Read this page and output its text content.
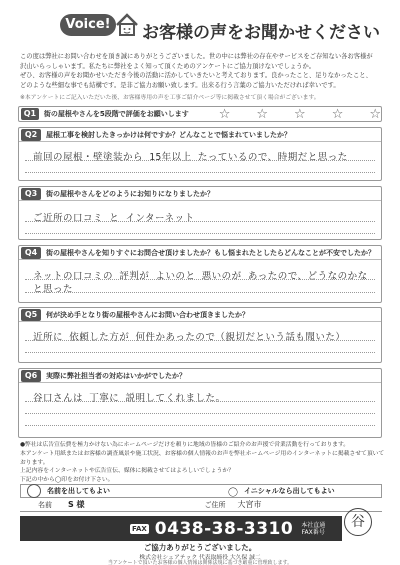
Voice!	お客様の声をお聞かせください

この度は弊社にお問い合わせを頂き誠にありがとうございました。世の中には弊社の存在やサービスをご存知ない各お客様が

沢山いらっしゃいます。私たちに弊社をよく知って頂くためのアンケートにご協力頂けないでしょうか。

ぜひ、お客様の声をお聞かせいただき今後の活動に活かしていきたいと考えております。良かったこと、足りなかったこと、

どのような些細な事でも結構です。是非ご協力お願い致します。出来る行う言葉のご協力いただければ幸いです。

※本アンケートにご記入いただいた後、お客様専用の声を工事ご紹介ページ等に掲載させて頂く場合がございます。
Q1	街の屋根やさんを5段階で評価をお願いします ☆ ☆ ☆ ☆ ☆
Q2	屋根工事を検討したきっかけは何ですか？どんなことで悩まれていましたか？
前回の屋根・壁塗装から 15年以上 たっているので、時期だと思った
Q3	街の屋根やさんをどのようにお知りになりましたか？
ご近所の口コミ と インターネット
Q4	街の屋根やさんを知りすぐにお問合せ頂けましたか？もし悩まれたとしたらどんなことが不安でしたか？
ネットの口コミの 評判が よいのと 悪いのが あったので、どうなのかな
と思った
Q5	何が決め手となり街の屋根やさんにお問い合わせ頂きましたか？
近所に 依頼した方が 何件かあったので（親切だという話も聞いた）
Q6	実際に弊社担当者の対応はいかがでしたか？
谷口さんは 丁寧に 説明してくれました。

●弊社は広告宣伝費を極力かけない為にホームページだけを頼りに地域の皆様のご紹介のお声援で営業活動を行っております。

本アンケート用紙またはお客様の調査風景や施工状況、お客様の個人情報のお声を弊社ホームページ用のインターネットに掲載させて頂いております。

上記内容をインターネットや広告宣伝、媒体に掲載させてはよろしいでしょうか？

下記の中から◯印をお付け下さい。

名前を出してもよい	〇 イニシャルなら出してもよい
名前 S 様	ご住所 大宮市
FAX 0438-38-3310 本社直通
FAX番号
谷
ご協力ありがとうございました。
株式会社シェアテック 代表取締役 大久保 誠二
当アンケートで頂いたお客様の個人情報は関係法規に基づき厳重に管理致します。
